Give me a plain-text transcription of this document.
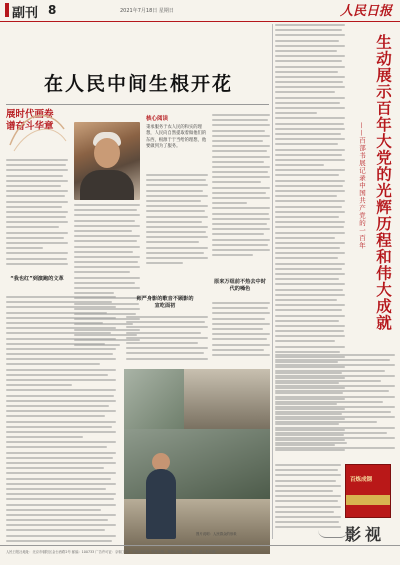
副刊 8	2021年7月18日 星期日	人民日报
展时代画卷
谱奋斗华章
在人民中间生根开花
“我也红”到演跑的文革
核心阅读
秉承服务于农人民的和实的理想，人民向自然提取着做他们的东西，根源于于当给的理想，他要做到为了服务。
师严身影的歌音不顾影的宣吃面初
原来万组前不热去中时代的嗓色
图片说明：人民群众的形象
生动展示百年大党的光辉历程和伟大成就
——百部书展记录中国共产党的一百年
百炼成钢
影视
人民日报社地址：北京市朝阳区金台西路2号 邮编：100733 广告许可证：京朝工商广字第0127号 零售价格：每份1.50元 印刷：人民日报印刷厂
